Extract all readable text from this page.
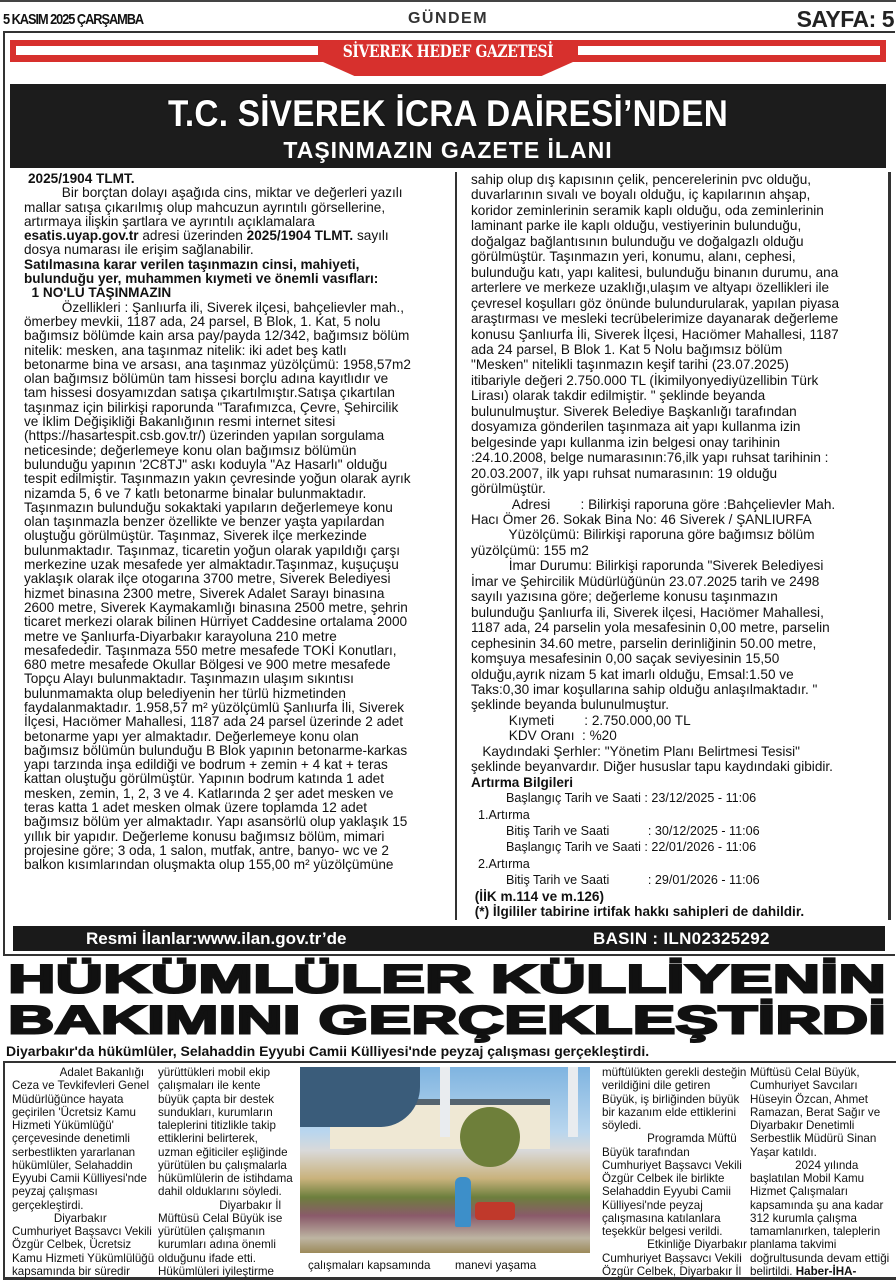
5 KASIM 2025 ÇARŞAMBA	GÜNDEM	SAYFA: 5
SİVEREK HEDEF GAZETESİ
T.C. SİVEREK İCRA DAİRESİ’NDEN
TAŞINMAZIN GAZETE İLANI
2025/1904 TLMT.
Bir borçtan dolayı aşağıda cins, miktar ve değerleri yazılı
mallar satışa çıkarılmış olup mahcuzun ayrıntılı görsellerine,
artırmaya ilişkin şartlara ve ayrıntılı açıklamalara
esatis.uyap.gov.tr adresi üzerinden 2025/1904 TLMT. sayılı
dosya numarası ile erişim sağlanabilir.
Satılmasına karar verilen taşınmazın cinsi, mahiyeti,
bulunduğu yer, muhammen kıymeti ve önemli vasıfları:
1 NO'LU TAŞINMAZIN
Özellikleri : Şanlıurfa ili, Siverek ilçesi, bahçelievler mah.,
ömerbey mevkii, 1187 ada, 24 parsel, B Blok, 1. Kat, 5 nolu
bağımsız bölümde kain arsa pay/payda 12/342, bağımsız bölüm
nitelik: mesken, ana taşınmaz nitelik: iki adet beş katlı
betonarme bina ve arsası, ana taşınmaz yüzölçümü: 1958,57m2
olan bağımsız bölümün tam hissesi borçlu adına kayıtlıdır ve
tam hissesi dosyamızdan satışa çıkartılmıştır.Satışa çıkartılan
taşınmaz için bilirkişi raporunda "Tarafımızca, Çevre, Şehircilik
ve İklim Değişikliği Bakanlığının resmi internet sitesi
(https://hasartespit.csb.gov.tr/) üzerinden yapılan sorgulama
neticesinde; değerlemeye konu olan bağımsız bölümün
bulunduğu yapının '2C8TJ" askı koduyla "Az Hasarlı" olduğu
tespit edilmiştir. Taşınmazın yakın çevresinde yoğun olarak ayrık
nizamda 5, 6 ve 7 katlı betonarme binalar bulunmaktadır.
Taşınmazın bulunduğu sokaktaki yapıların değerlemeye konu
olan taşınmazla benzer özellikte ve benzer yaşta yapılardan
oluştuğu görülmüştür. Taşınmaz, Siverek ilçe merkezinde
bulunmaktadır. Taşınmaz, ticaretin yoğun olarak yapıldığı çarşı
merkezine uzak mesafede yer almaktadır.Taşınmaz, kuşuçuşu
yaklaşık olarak ilçe otogarına 3700 metre, Siverek Belediyesi
hizmet binasına 2300 metre, Siverek Adalet Sarayı binasına
2600 metre, Siverek Kaymakamlığı binasına 2500 metre, şehrin
ticaret merkezi olarak bilinen Hürriyet Caddesine ortalama 2000
metre ve Şanlıurfa-Diyarbakır karayoluna 210 metre
mesafededir. Taşınmaza 550 metre mesafede TOKİ Konutları,
680 metre mesafede Okullar Bölgesi ve 900 metre mesafede
Topçu Alayı bulunmaktadır. Taşınmazın ulaşım sıkıntısı
bulunmamakta olup belediyenin her türlü hizmetinden
faydalanmaktadır. 1.958,57 m² yüzölçümlü Şanlıurfa İli, Siverek
İlçesi, Hacıömer Mahallesi, 1187 ada 24 parsel üzerinde 2 adet
betonarme yapı yer almaktadır. Değerlemeye konu olan
bağımsız bölümün bulunduğu B Blok yapının betonarme-karkas
yapı tarzında inşa edildiği ve bodrum + zemin + 4 kat + teras
kattan oluştuğu görülmüştür. Yapının bodrum katında 1 adet
mesken, zemin, 1, 2, 3 ve 4. Katlarında 2 şer adet mesken ve
teras katta 1 adet mesken olmak üzere toplamda 12 adet
bağımsız bölüm yer almaktadır. Yapı asansörlü olup yaklaşık 15
yıllık bir yapıdır. Değerleme konusu bağımsız bölüm, mimari
projesine göre; 3 oda, 1 salon, mutfak, antre, banyo- wc ve 2
balkon kısımlarından oluşmakta olup 155,00 m² yüzölçümüne
sahip olup dış kapısının çelik, pencerelerinin pvc olduğu,
duvarlarının sıvalı ve boyalı olduğu, iç kapılarının ahşap,
koridor zeminlerinin seramik kaplı olduğu, oda zeminlerinin
laminant parke ile kaplı olduğu, vestiyerinin bulunduğu,
doğalgaz bağlantısının bulunduğu ve doğalgazlı olduğu
görülmüştür. Taşınmazın yeri, konumu, alanı, cephesi,
bulunduğu katı, yapı kalitesi, bulunduğu binanın durumu, ana
arterlere ve merkeze uzaklığı,ulaşım ve altyapı özellikleri ile
çevresel koşulları göz önünde bulundurularak, yapılan piyasa
araştırması ve mesleki tecrübelerimize dayanarak değerleme
konusu Şanlıurfa İli, Siverek İlçesi, Hacıömer Mahallesi, 1187
ada 24 parsel, B Blok 1. Kat 5 Nolu bağımsız bölüm
"Mesken" nitelikli taşınmazın keşif tarihi (23.07.2025)
itibariyle değeri 2.750.000 TL (İkimilyonyediyüzellibin Türk
Lirası) olarak takdir edilmiştir. " şeklinde beyanda
bulunulmuştur. Siverek Belediye Başkanlığı tarafından
dosyamıza gönderilen taşınmaza ait yapı kullanma izin
belgesinde yapı kullanma izin belgesi onay tarihinin
:24.10.2008, belge numarasının:76,ilk yapı ruhsat tarihinin :
20.03.2007, ilk yapı ruhsat numarasının: 19 olduğu
görülmüştür.
Adresi        : Bilirkişi raporuna göre :Bahçelievler Mah.
Hacı Ömer 26. Sokak Bina No: 46 Siverek / ŞANLIURFA
Yüzölçümü: Bilirkişi raporuna göre bağımsız bölüm
yüzölçümü: 155 m2
İmar Durumu: Bilirkişi raporunda "Siverek Belediyesi
İmar ve Şehircilik Müdürlüğünün 23.07.2025 tarih ve 2498
sayılı yazısına göre; değerleme konusu taşınmazın
bulunduğu Şanlıurfa ili, Siverek ilçesi, Hacıömer Mahallesi,
1187 ada, 24 parselin yola mesafesinin 0,00 metre, parselin
cephesinin 34.60 metre, parselin derinliğinin 50.00 metre,
komşuya mesafesinin 0,00 saçak seviyesinin 15,50
olduğu,ayrık nizam 5 kat imarlı olduğu, Emsal:1.50 ve
Taks:0,30 imar koşullarına sahip olduğu anlaşılmaktadır. "
şeklinde beyanda bulunulmuştur.
Kıymeti        : 2.750.000,00 TL
KDV Oranı  : %20
Kaydındaki Şerhler: "Yönetim Planı Belirtmesi Tesisi"
şeklinde beyanvardır. Diğer hususlar tapu kaydındaki gibidir.
Artırma Bilgileri
Başlangıç Tarih ve Saati : 23/12/2025 - 11:06
1.Artırma
Bitiş Tarih ve Saati           : 30/12/2025 - 11:06
Başlangıç Tarih ve Saati : 22/01/2026 - 11:06
2.Artırma
Bitiş Tarih ve Saati           : 29/01/2026 - 11:06
(İİK m.114 ve m.126)
(*) İlgililer tabirine irtifak hakkı sahipleri de dahildir.
Resmi İlanlar:www.ilan.gov.tr’de	BASIN : ILN02325292
HÜKÜMLÜLER KÜLLİYENİN
BAKIMINI GERÇEKLEŞTİRDİ
Diyarbakır'da hükümlüler, Selahaddin Eyyubi Camii Külliyesi'nde peyzaj çalışması gerçekleştirdi.
Adalet Bakanlığı
Ceza ve Tevkifevleri Genel
Müdürlüğünce hayata
geçirilen 'Ücretsiz Kamu
Hizmeti Yükümlüğü'
çerçevesinde denetimli
serbestlikten yararlanan
hükümlüler, Selahaddin
Eyyubi Camii Külliyesi'nde
peyzaj çalışması
gerçekleştirdi.
Diyarbakır
Cumhuriyet Başsavcı Vekili
Özgür Celbek, Ücretsiz
Kamu Hizmeti Yükümlülüğü
kapsamında bir süredir
yürüttükleri mobil ekip
çalışmaları ile kente
büyük çapta bir destek
sundukları, kurumların
taleplerini titizlikle takip
ettiklerini belirterek,
uzman eğiticiler eşliğinde
yürütülen bu çalışmalarla
hükümlülerin de istihdama
dahil olduklarını söyledi.
Diyarbakır İl
Müftüsü Celal Büyük ise
yürütülen çalışmanın
kurumları adına önemli
olduğunu ifade etti.
Hükümlüleri iyileştirme	çalışmaları kapsamında manevi yaşama
müftülükten gerekli desteğin
verildiğini dile getiren
Büyük, iş birliğinden büyük
bir kazanım elde ettiklerini
söyledi.
Programda Müftü
Büyük tarafından
Cumhuriyet Başsavcı Vekili
Özgür Celbek ile birlikte
Selahaddin Eyyubi Camii
Külliyesi'nde peyzaj
çalışmasına katılanlara
teşekkür belgesi verildi.
Etkinliğe Diyarbakır
Cumhuriyet Başsavcı Vekili
Özgür Celbek, Diyarbakır İl
Müftüsü Celal Büyük,
Cumhuriyet Savcıları
Hüseyin Özcan, Ahmet
Ramazan, Berat Sağır ve
Diyarbakır Denetimli
Serbestlik Müdürü Sinan
Yaşar katıldı.
2024 yılında
başlatılan Mobil Kamu
Hizmet Çalışmaları
kapsamında şu ana kadar
312 kurumla çalışma
tamamlanırken, taleplerin
planlama takvimi
doğrultusunda devam ettiği
belirtildi. Haber-İHA-
